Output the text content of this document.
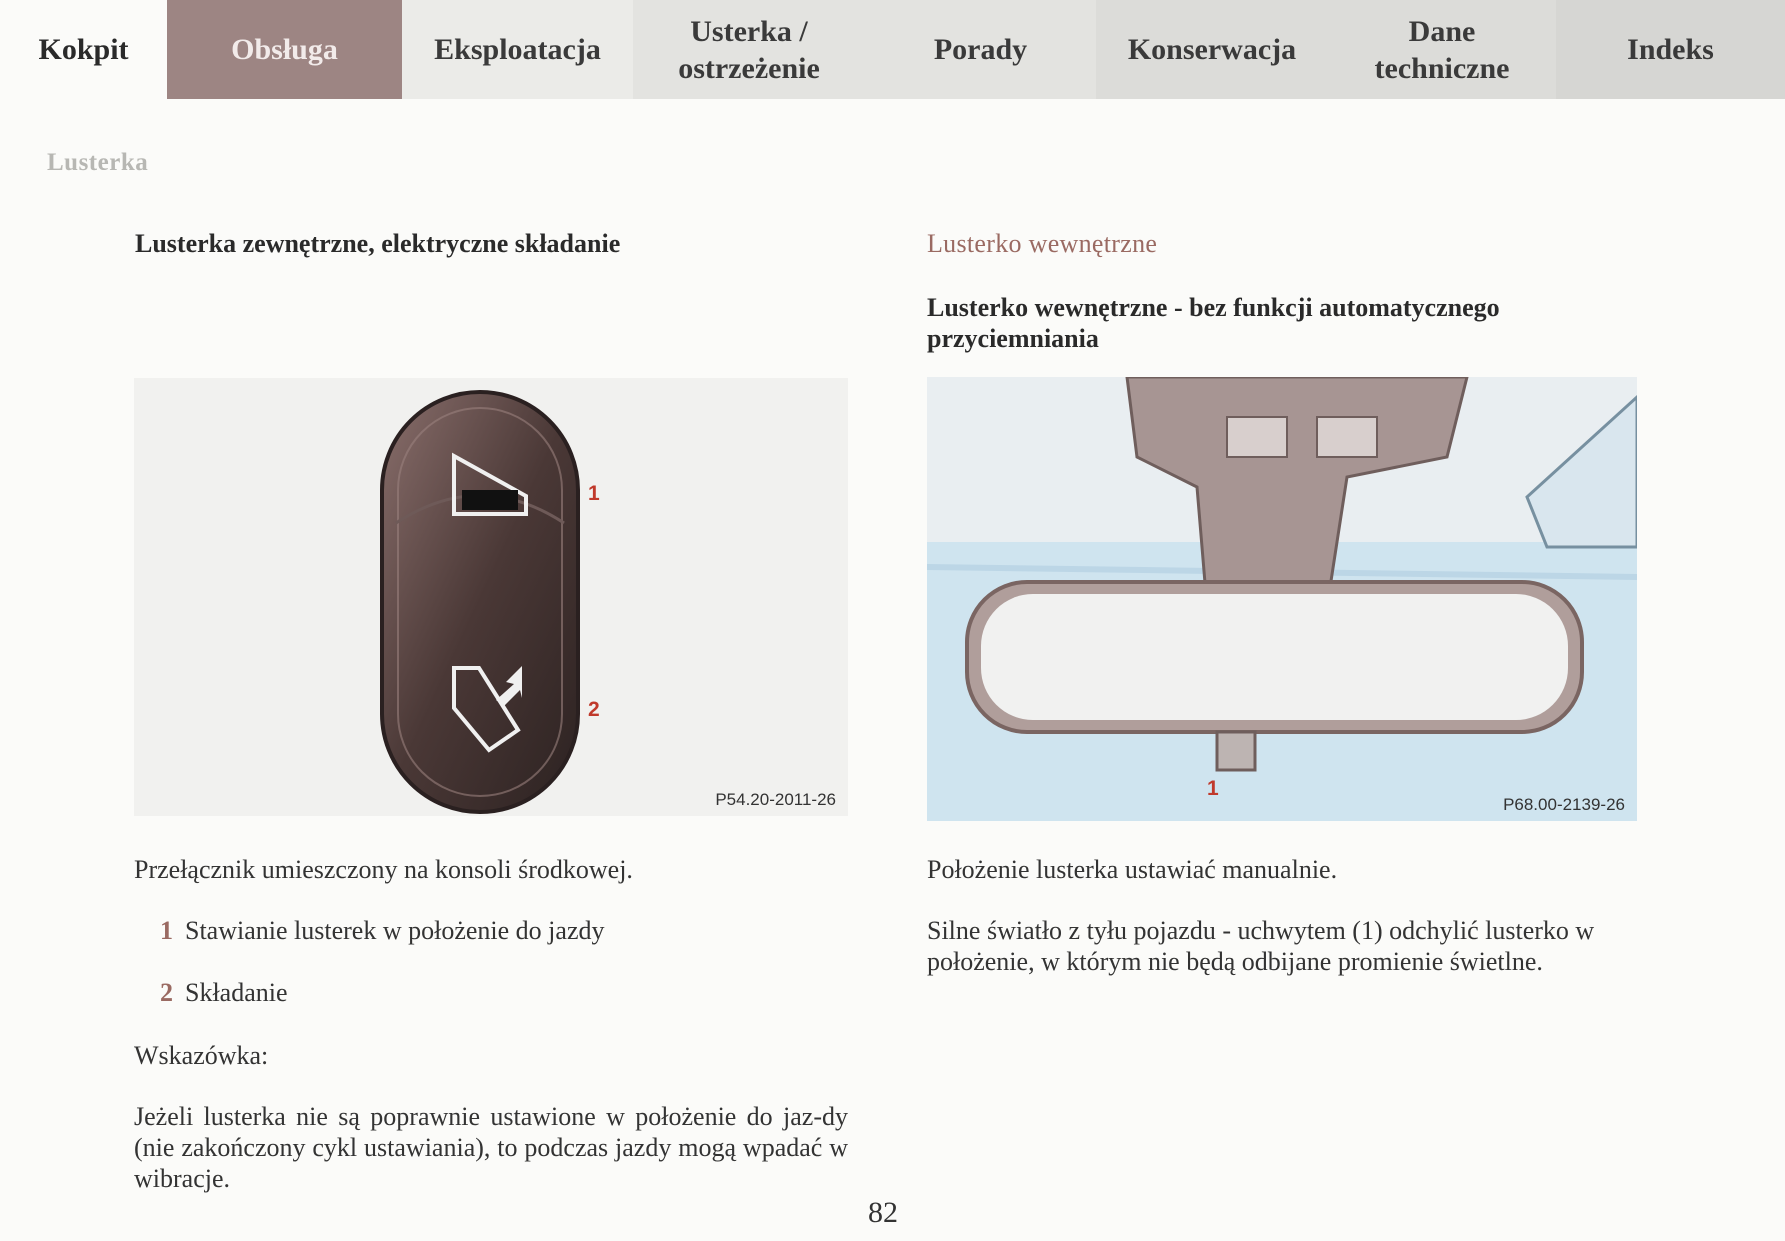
Kokpit	Obsługa	Eksploatacja
Usterka /
ostrzeżenie
Porady	Konserwacja
Dane
techniczne
Indeks
Lusterka
Lusterka zewnętrzne, elektryczne składanie
1
2
P54.20-2011-26
Przełącznik umieszczony na konsoli środkowej.
1 Stawianie lusterek w położenie do jazdy
2 Składanie
Wskazówka:
Jeżeli lusterka nie są poprawnie ustawione w położenie do jaz-dy (nie zakończony cykl ustawiania), to podczas jazdy mogą wpadać w wibracje.
Lusterko wewnętrzne
Lusterko wewnętrzne - bez funkcji automatycznego przyciemniania
1
P68.00-2139-26
Położenie lusterka ustawiać manualnie.
Silne światło z tyłu pojazdu - uchwytem (1) odchylić lusterko w położenie, w którym nie będą odbijane promienie świetlne.
82
